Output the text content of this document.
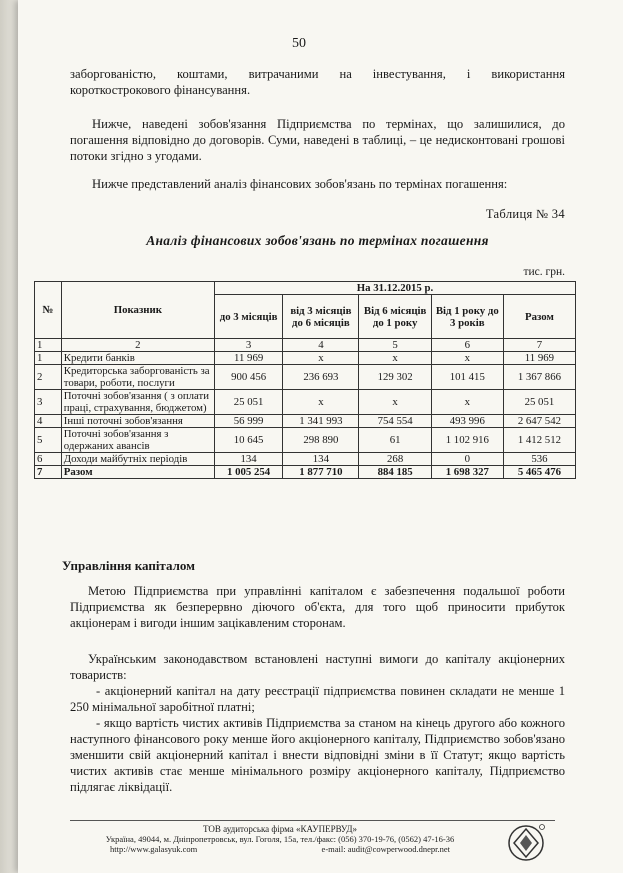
50
заборгованістю, коштами, витрачаними на інвестування, і використання
короткострокового фінансування.
Нижче, наведені зобов'язання Підприємства по термінах, що залишилися, до погашення відповідно до договорів. Суми, наведені в таблиці, – це недисконтовані грошові потоки згідно з угодами.
Нижче представлений аналіз фінансових зобов'язань по термінах погашення:
Таблиця № 34
Аналіз фінансових зобов'язань по термінах погашення
тис. грн.
№	Показник	На 31.12.2015 р.				
		до 3 місяців	від 3 місяців до 6 місяців	Від 6 місяців до 1 року	Від 1 року до 3 років	Разом
1	2	3	4	5	6	7
1	Кредити банків	11 969	х	х	х	11 969
2	Кредиторська заборгованість за товари, роботи, послуги	900 456	236 693	129 302	101 415	1 367 866
3	Поточні зобов'язання ( з оплати праці, страхування, бюджетом)	25 051	х	х	х	25 051
4	Інші поточні зобов'язання	56 999	1 341 993	754 554	493 996	2 647 542
5	Поточні зобов'язання з одержаних авансів	10 645	298 890	61	1 102 916	1 412 512
6	Доходи майбутніх періодів	134	134	268	0	536
7	Разом	1 005 254	1 877 710	884 185	1 698 327	5 465 476
Управління капіталом
Метою Підприємства при управлінні капіталом є забезпечення подальшої роботи Підприємства як безперервно діючого об'єкта, для того щоб приносити прибуток акціонерам і вигоди іншим зацікавленим сторонам.
Українським законодавством встановлені наступні вимоги до капіталу акціонерних товариств:
- акціонерний капітал на дату реєстрації підприємства повинен складати не менше 1 250 мінімальної заробітної платні;
- якщо вартість чистих активів Підприємства за станом на кінець другого або кожного наступного фінансового року менше його акціонерного капіталу, Підприємство зобов'язано зменшити свій акціонерний капітал і внести відповідні зміни в її Статут; якщо вартість чистих активів стає менше мінімального розміру акціонерного капіталу, Підприємство підлягає ліквідації.
ТОВ аудиторська фірма «КАУПЕРВУД»
Україна, 49044, м. Дніпропетровськ, вул. Гоголя, 15а, тел./факс: (056) 370-19-76, (0562) 47-16-36
http://www.galasyuk.com	e-mail: audit@cowperwood.dnepr.net
